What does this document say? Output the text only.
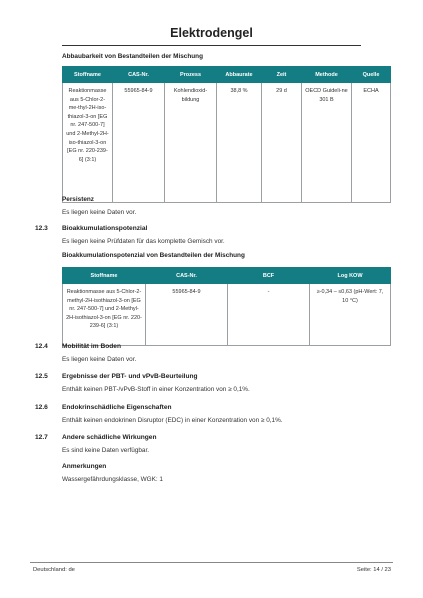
Elektrodengel
Abbaubarkeit von Bestandteilen der Mischung
Stoffname	CAS-Nr.	Prozess	Abbaurate	Zeit	Methode	Quelle
Reaktionmasse aus 5-Chlor-2-me-thyl-2H-iso-thiazol-3-on [EG nr. 247-500-7] und 2-Methyl-2H-iso-thiazol-3-on [EG nr. 220-239-6] (3:1)	55965-84-9	Kohlendioxid-bildung	38,8 %	29 d	OECD Guideli-ne 301 B	ECHA
Persistenz
Es liegen keine Daten vor.
12.3 Bioakkumulationspotenzial
Es liegen keine Prüfdaten für das komplette Gemisch vor.
Bioakkumulationspotenzial von Bestandteilen der Mischung
Stoffname	CAS-Nr.	BCF	Log KOW
Reaktionmasse aus 5-Chlor-2-methyl-2H-isothiazol-3-on [EG nr. 247-500-7] und 2-Methyl-2H-isothiazol-3-on [EG nr. 220-239-6] (3:1)	55965-84-9	-	≥-0,34 – ≤0,63 (pH-Wert: 7, 10 °C)
12.4 Mobilität im Boden
Es liegen keine Daten vor.
12.5 Ergebnisse der PBT- und vPvB-Beurteilung
Enthält keinen PBT-/vPvB-Stoff in einer Konzentration von ≥ 0,1%.
12.6 Endokrinschädliche Eigenschaften
Enthält keinen endokrinen Disruptor (EDC) in einer Konzentration von ≥ 0,1%.
12.7 Andere schädliche Wirkungen
Es sind keine Daten verfügbar.
Anmerkungen
Wassergefährdungsklasse, WGK: 1
Deutschland: de	Seite: 14 / 23
